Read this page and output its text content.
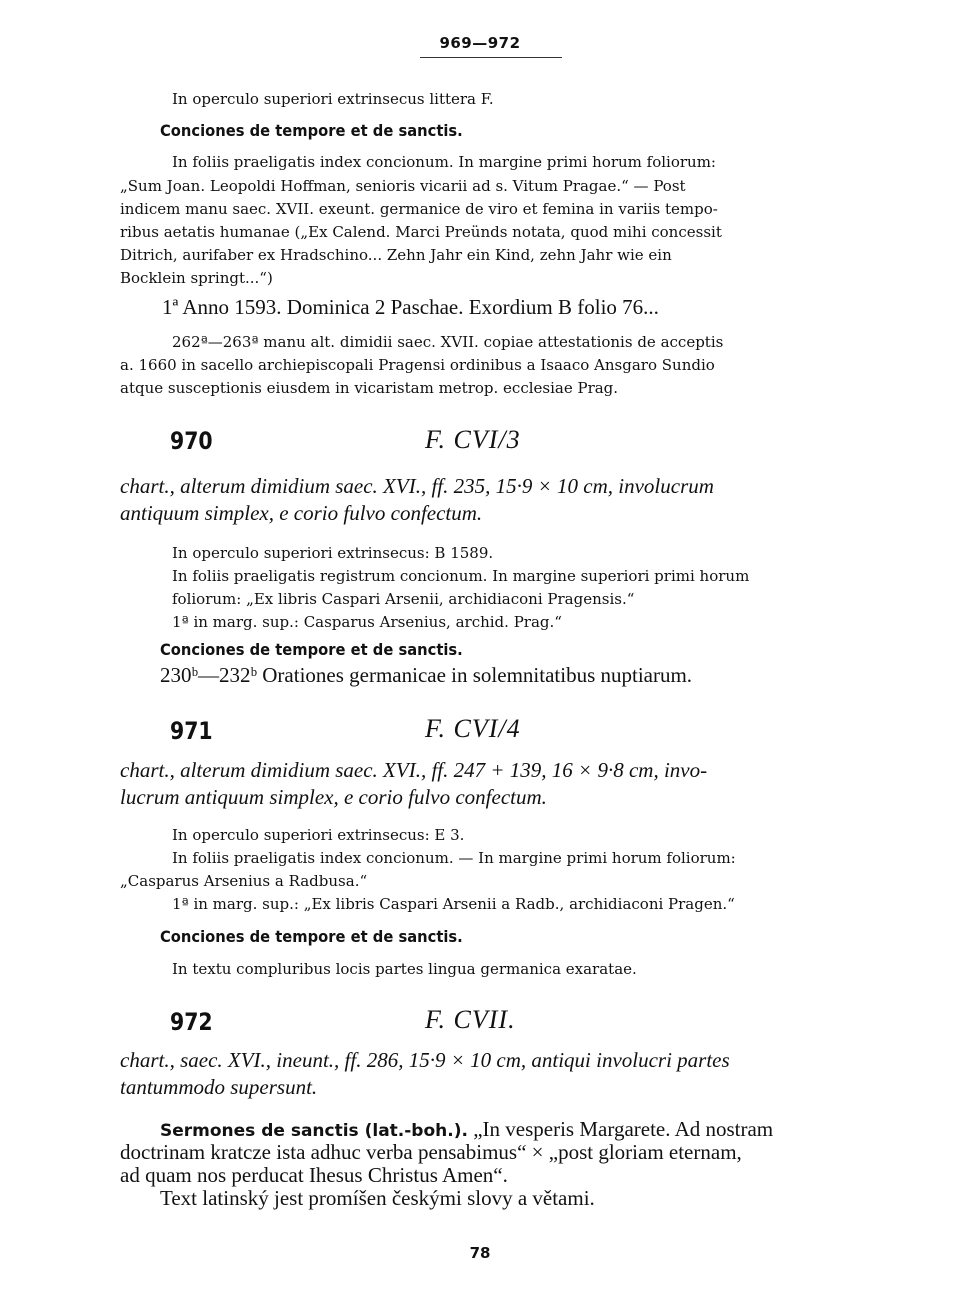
969—972
In operculo superiori extrinsecus littera F.
Conciones de tempore et de sanctis.
In foliis praeligatis index concionum. In margine primi horum foliorum:
„Sum Joan. Leopoldi Hoffman, senioris vicarii ad s. Vitum Pragae.“ — Post
indicem manu saec. XVII. exeunt. germanice de viro et femina in variis tempo-
ribus aetatis humanae („Ex Calend. Marci Preünds notata, quod mihi concessit
Ditrich, aurifaber ex Hradschino... Zehn Jahr ein Kind, zehn Jahr wie ein
Bocklein springt...“)
1ª Anno 1593. Dominica 2 Paschae. Exordium B folio 76...
262ª—263ª manu alt. dimidii saec. XVII. copiae attestationis de acceptis
a. 1660 in sacello archiepiscopali Pragensi ordinibus a Isaaco Ansgaro Sundio
atque susceptionis eiusdem in vicaristam metrop. ecclesiae Prag.
970	F. CVI/3
chart., alterum dimidium saec. XVI., ff. 235, 15·9 × 10 cm, involucrum
antiquum simplex, e corio fulvo confectum.
In operculo superiori extrinsecus: B 1589.
In foliis praeligatis registrum concionum. In margine superiori primi horum
foliorum: „Ex libris Caspari Arsenii, archidiaconi Pragensis.“
1ª in marg. sup.: Casparus Arsenius, archid. Prag.“
Conciones de tempore et de sanctis.
230ᵇ—232ᵇ Orationes germanicae in solemnitatibus nuptiarum.
971	F. CVI/4
chart., alterum dimidium saec. XVI., ff. 247 + 139, 16 × 9·8 cm, invo-
lucrum antiquum simplex, e corio fulvo confectum.
In operculo superiori extrinsecus: E 3.
In foliis praeligatis index concionum. — In margine primi horum foliorum:
„Casparus Arsenius a Radbusa.“
1ª in marg. sup.: „Ex libris Caspari Arsenii a Radb., archidiaconi Pragen.“
Conciones de tempore et de sanctis.
In textu compluribus locis partes lingua germanica exaratae.
972	F. CVII.
chart., saec. XVI., ineunt., ff. 286, 15·9 × 10 cm, antiqui involucri partes
tantummodo supersunt.
Sermones de sanctis (lat.-boh.). „In vesperis Margarete. Ad nostram
doctrinam kratcze ista adhuc verba pensabimus“ × „post gloriam eternam,
ad quam nos perducat Ihesus Christus Amen“.
Text latinský jest promíšen českými slovy a větami.
78
